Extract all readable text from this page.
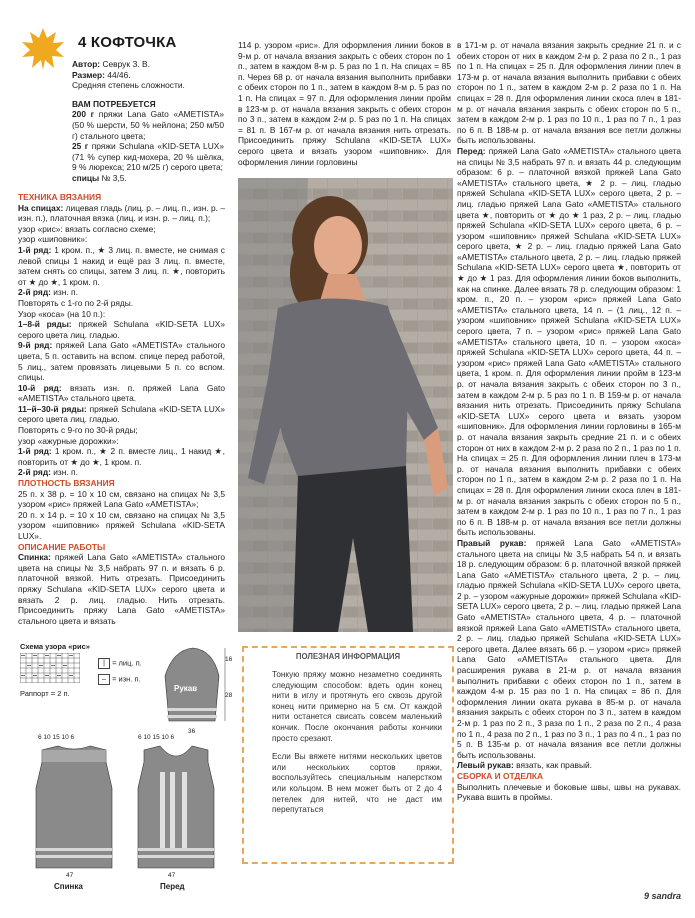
4 КОФТОЧКА

Автор: Севрук З. В.

Размер: 44/46.

Средняя степень сложности.

ВАМ ПОТРЕБУЕТСЯ

200 г пряжи Lana Gato «AMETISTA» (50 % шерсти, 50 % нейлона; 250 м/50 г) стального цвета;

25 г пряжи Schulana «KID-SETA LUX» (71 % супер кид-мохера, 20 % шёлка, 9 % люрекса; 210 м/25 г) серого цвета;

спицы № 3,5.

ТЕХНИКА ВЯЗАНИЯ

На спицах: лицевая гладь (лиц. р. – лиц. п., изн. р. – изн. п.), платочная вязка (лиц. и изн. р. – лиц. п.);

узор «рис»: вязать согласно схеме;

узор «шиповник»:

1-й ряд: 1 кром. п., ★ 3 лиц. п. вместе, не снимая с левой спицы 1 накид и ещё раз 3 лиц. п. вместе, затем снять со спицы, затем 3 лиц. п. ★, повторить от ★ до ★, 1 кром. п.

2-й ряд: изн. п.

Повторять с 1-го по 2-й ряды.

Узор «коса» (на 10 п.):

1–8-й ряды: пряжей Schulana «KID-SETA LUX» серого цвета лиц. гладью.

9-й ряд: пряжей Lana Gato «AMETISTA» стального цвета, 5 п. оставить на вспом. спице перед работой, 5 лиц., затем провязать лицевыми 5 п. со вспом. спицы.

10-й ряд: вязать изн. п. пряжей Lana Gato «AMETISTA» стального цвета.

11–й–30-й ряды: пряжей Schulana «KID-SETA LUX» серого цвета лиц. гладью.

Повторять с 9-го по 30-й ряды;

узор «ажурные дорожки»:

1-й ряд: 1 кром. п., ★ 2 п. вместе лиц., 1 накид ★, повторить от ★ до ★, 1 кром. п.

2-й ряд: изн. п.

ПЛОТНОСТЬ ВЯЗАНИЯ

25 п. х 38 р. = 10 х 10 см, связано на спицах № 3,5 узором «рис» пряжей Lana Gato «AMETISTA»;

20 п. х 14 р. = 10 х 10 см, связано на спицах № 3,5 узором «шиповник» пряжей Schulana «KID-SETA LUX».

ОПИСАНИЕ РАБОТЫ

Спинка: пряжей Lana Gato «AMETISTA» стального цвета на спицы № 3,5 набрать 97 п. и вязать 6 р. платочной вязкой. Нить отрезать. Присоединить пряжу Schulana «KID-SETA LUX» серого цвета и вязать 2 р. лиц. гладью. Нить отрезать. Присоединить пряжу Lana Gato «AMETISTA» стального цвета и вязать

Схема узора «рис»
| = лиц. п.
– = изн. п.
Раппорт = 2 п.
Рукав
16
28
36
6 10 15 10 6
47
Спинка
6 10 15 10 6
47
Перед

114 р. узором «рис». Для оформления линии боков в 9-м р. от начала вязания закрыть с обеих сторон по 1 п., затем в каждом 8-м р. 5 раз по 1 п. На спицах = 85 п. Через 68 р. от начала вязания выполнить прибавки с обеих сторон по 1 п., затем в каждом 8-м р. 5 раз по 1 п. На спицах = 97 п. Для оформления линии пройм в 123-м р. от начала вязания закрыть с обеих сторон по 3 п., затем в каждом 2-м р. 5 раз по 1 п. На спицах = 81 п. В 167-м р. от начала вязания нить отрезать. Присоединить пряжу Schulana «KID-SETA LUX» серого цвета и вязать узором «шиповник». Для оформления линии горловины

ПОЛЕЗНАЯ ИНФОРМАЦИЯ

Тонкую пряжу можно незаметно соединять следующим способом: вдеть один конец нити в иглу и протянуть его сквозь другой конец нити примерно на 5 см. От каждой нити останется свисать совсем маленький кончик. После окончания работы кончики просто срезают.

Если Вы вяжете нитями нескольких цветов или нескольких сортов пряжи, воспользуйтесь специальным наперстком или кольцом. В нем может быть от 2 до 4 петелек для нитей, что не даст им перепутаться

в 171-м р. от начала вязания закрыть средние 21 п. и с обеих сторон от них в каждом 2-м р. 2 раза по 2 п., 1 раз по 1 п. На спицах = 25 п. Для оформления линии плеч в 173-м р. от начала вязания выполнить прибавки с обеих сторон по 1 п., затем в каждом 2-м р. 2 раза по 1 п. На спицах = 28 п. Для оформления линии скоса плеч в 181-м р. от начала вязания закрыть с обеих сторон по 5 п., затем в каждом 2-м р. 1 раз по 10 п., 1 раз по 7 п., 1 раз по 6 п. В 188-м р. от начала вязания все петли должны быть использованы.

Перед: пряжей Lana Gato «AMETISTA» стального цвета на спицы № 3,5 набрать 97 п. и вязать 44 р. следующим образом: 6 р. – платочной вязкой пряжей Lana Gato «AMETISTA» стального цвета, ★ 2 р. – лиц. гладью пряжей Schulana «KID-SETA LUX» серого цвета, 2 р. – лиц. гладью пряжей Lana Gato «AMETISTA» стального цвета ★, повторить от ★ до ★ 1 раз, 2 р. – лиц. гладью пряжей Schulana «KID-SETA LUX» серого цвета, 6 р. – узором «шиповник» пряжей Schulana «KID-SETA LUX» серого цвета, ★ 2 р. – лиц. гладью пряжей Lana Gato «AMETISTA» стального цвета, 2 р. – лиц. гладью пряжей Schulana «KID-SETA LUX» серого цвета ★, повторить от ★ до ★ 1 раз. Для оформления линии боков выполнить, как на спинке. Далее вязать 78 р. следующим образом: 1 кром. п., 20 п. – узором «рис» пряжей Lana Gato «AMETISTA» стального цвета, 14 п. – (1 лиц., 12 п. – узором «шиповник» пряжей Schulana «KID-SETA LUX» серого цвета, 7 п. – узором «рис» пряжей Lana Gato «AMETISTA» стального цвета, 10 п. – узором «коса» пряжей Schulana «KID-SETA LUX» серого цвета, 44 п. – узором «рис» пряжей Lana Gato «AMETISTA» стального цвета, 1 кром. п. Для оформления линии пройм в 123-м р. от начала вязания закрыть с обеих сторон по 3 п., затем в каждом 2-м р. 5 раз по 1 п. В 159-м р. от начала вязания нить отрезать. Присоединить пряжу Schulana «KID-SETA LUX» серого цвета и вязать узором «шиповник». Для оформления линии горловины в 165-м р. от начала вязания закрыть средние 21 п. и с обеих сторон от них в каждом 2-м р. 2 раза по 2 п., 1 раз по 1 п. На спицах = 25 п. Для оформления линии плеч в 173-м р. от начала вязания выполнить прибавки с обеих сторон по 1 п., затем в каждом 2-м р. 2 раза по 1 п. На спицах = 28 п. Для оформления линии скоса плеч в 181-м р. от начала вязания закрыть с обеих сторон по 5 п., затем в каждом 2-м р. 1 раз по 10 п., 1 раз по 7 п., 1 раз по 6 п. В 188-м р. от начала вязания все петли должны быть использованы.

Правый рукав: пряжей Lana Gato «AMETISTA» стального цвета на спицы № 3,5 набрать 54 п. и вязать 18 р. следующим образом: 6 р. платочной вязкой пряжей Lana Gato «AMETISTA» стального цвета, 2 р. – лиц. гладью пряжей Schulana «KID-SETA LUX» серого цвета, 2 р. – узором «ажурные дорожки» пряжей Schulana «KID-SETA LUX» серого цвета, 2 р. – лиц. гладью пряжей Lana Gato «AMETISTA» стального цвета, 4 р. – платочной вязкой пряжей Lana Gato «AMETISTA» стального цвета, 2 р. – лиц. гладью пряжей Schulana «KID-SETA LUX» серого цвета. Далее вязать 66 р. – узором «рис» пряжей Lana Gato «AMETISTA» стального цвета. Для расширения рукава в 21-м р. от начала вязания выполнить прибавки с обеих сторон по 1 п., затем в каждом 4-м р. 15 раз по 1 п. На спицах = 86 п. Для оформления линии оката рукава в 85-м р. от начала вязания закрыть с обеих сторон по 3 п., затем в каждом 2-м р. 1 раз по 2 п., 3 раза по 1 п., 2 раза по 2 п., 4 раза по 1 п., 4 раза по 2 п., 1 раз по 3 п., 1 раз по 4 п., 1 раз по 5 п. В 135-м р. от начала вязания все петли должны быть использованы.

Левый рукав: вязать, как правый.

СБОРКА И ОТДЕЛКА

Выполнить плечевые и боковые швы, швы на рукавах. Рукава вшить в проймы.

9 sandra
